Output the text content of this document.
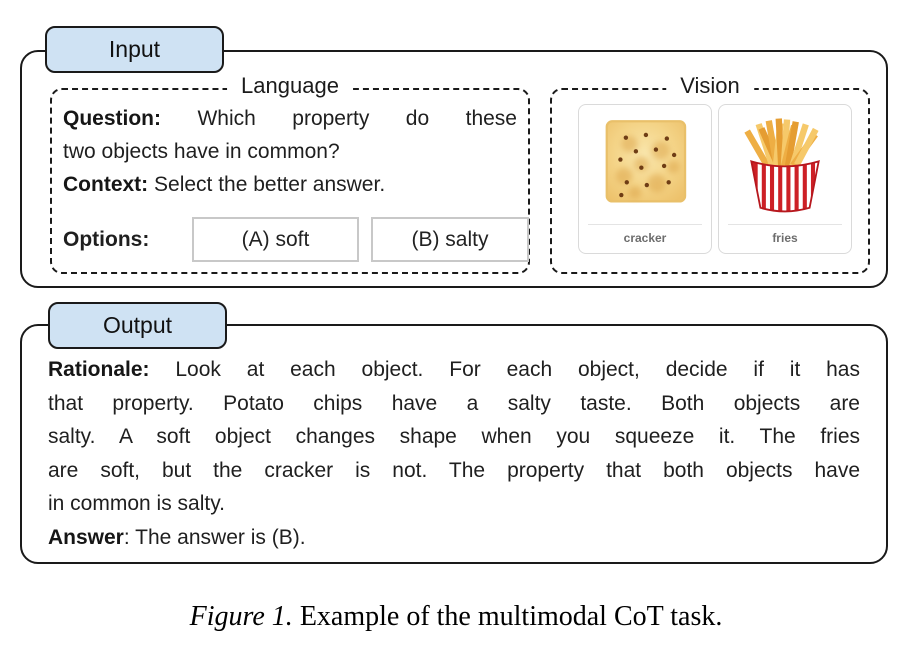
Input
Language
Question: Which property do these
two objects have in common?
Context: Select the better answer.
Options:	(A) soft	(B) salty
Vision
cracker	fries
Output
Rationale: Look at each object. For each object, decide if it has
that property. Potato chips have a salty taste. Both objects are
salty. A soft object changes shape when you squeeze it. The fries
are soft, but the cracker is not. The property that both objects have
in common is salty.
Answer: The answer is (B).
Figure 1. Example of the multimodal CoT task.
